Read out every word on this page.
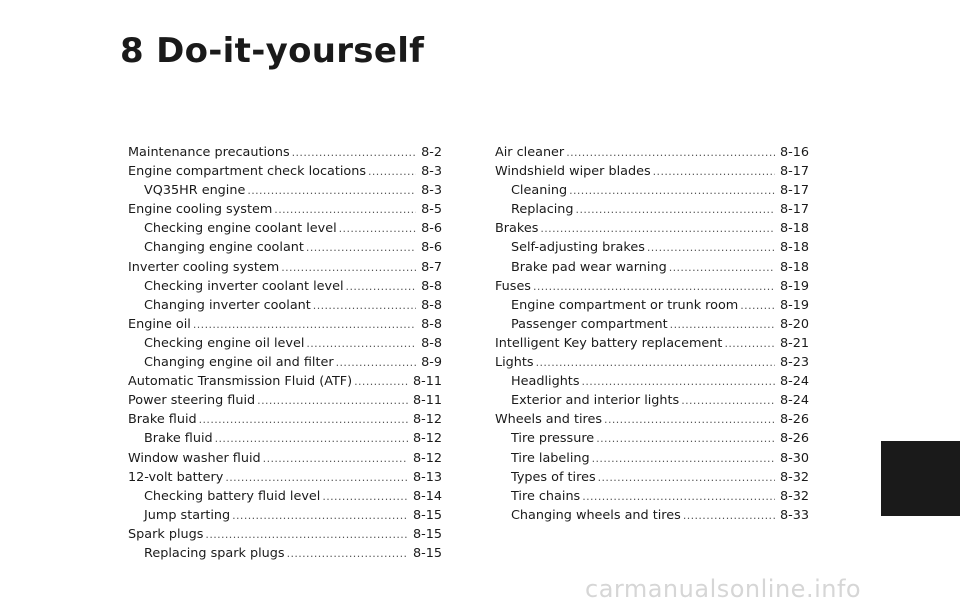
8 Do-it-yourself
Maintenance precautions .....	8-2
Engine compartment check locations .....	8-3
VQ35HR engine .....	8-3
Engine cooling system .....	8-5
Checking engine coolant level .....	8-6
Changing engine coolant .....	8-6
Inverter cooling system .....	8-7
Checking inverter coolant level .....	8-8
Changing inverter coolant .....	8-8
Engine oil .....	8-8
Checking engine oil level .....	8-8
Changing engine oil and filter .....	8-9
Automatic Transmission Fluid (ATF) .....	8-11
Power steering fluid .....	8-11
Brake fluid .....	8-12
Brake fluid .....	8-12
Window washer fluid .....	8-12
12-volt battery .....	8-13
Checking battery fluid level .....	8-14
Jump starting .....	8-15
Spark plugs .....	8-15
Replacing spark plugs .....	8-15
Air cleaner .....	8-16
Windshield wiper blades .....	8-17
Cleaning .....	8-17
Replacing .....	8-17
Brakes .....	8-18
Self-adjusting brakes .....	8-18
Brake pad wear warning .....	8-18
Fuses .....	8-19
Engine compartment or trunk room .....	8-19
Passenger compartment .....	8-20
Intelligent Key battery replacement .....	8-21
Lights .....	8-23
Headlights .....	8-24
Exterior and interior lights .....	8-24
Wheels and tires .....	8-26
Tire pressure .....	8-26
Tire labeling .....	8-30
Types of tires .....	8-32
Tire chains .....	8-32
Changing wheels and tires .....	8-33
carmanualsonline.info
